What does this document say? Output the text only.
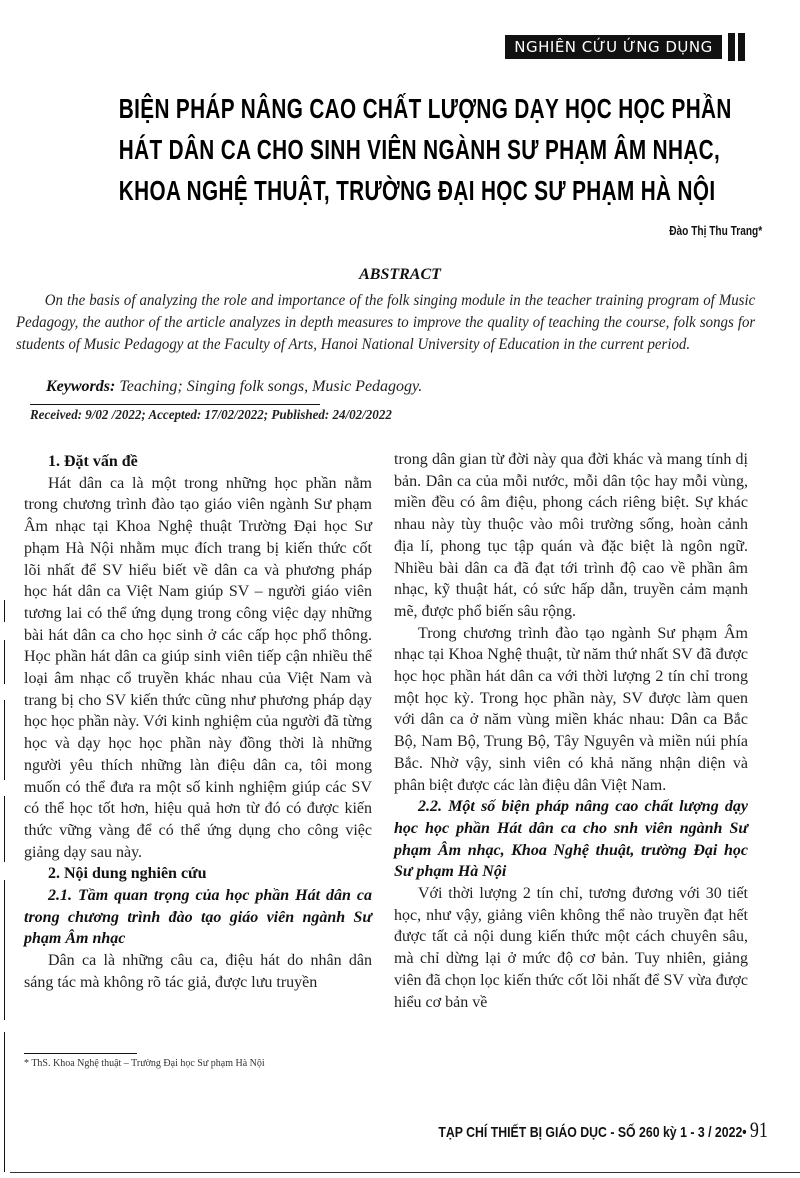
NGHIÊN CỨU ỨNG DỤNG
BIỆN PHÁP NÂNG CAO CHẤT LƯỢNG DẠY HỌC HỌC PHẦN
HÁT DÂN CA CHO SINH VIÊN NGÀNH SƯ PHẠM ÂM NHẠC,
KHOA NGHỆ THUẬT, TRƯỜNG ĐẠI HỌC SƯ PHẠM HÀ NỘI
Đào Thị Thu Trang*
ABSTRACT
On the basis of analyzing the role and importance of the folk singing module in the teacher training program of Music Pedagogy, the author of the article analyzes in depth measures to improve the quality of teaching the course, folk songs for students of Music Pedagogy at the Faculty of Arts, Hanoi National University of Education in the current period.
Keywords: Teaching; Singing folk songs, Music Pedagogy.
Received: 9/02 /2022; Accepted: 17/02/2022; Published: 24/02/2022
1. Đặt vấn đề

Hát dân ca là một trong những học phần nằm trong chương trình đào tạo giáo viên ngành Sư phạm Âm nhạc tại Khoa Nghệ thuật Trường Đại học Sư phạm Hà Nội nhằm mục đích trang bị kiến thức cốt lõi nhất để SV hiểu biết về dân ca và phương pháp học hát dân ca Việt Nam giúp SV – người giáo viên tương lai có thể ứng dụng trong công việc dạy những bài hát dân ca cho học sinh ở các cấp học phổ thông. Học phần hát dân ca giúp sinh viên tiếp cận nhiều thể loại âm nhạc cổ truyền khác nhau của Việt Nam và trang bị cho SV kiến thức cũng như phương pháp dạy học học phần này. Với kinh nghiệm của người đã từng học và dạy học học phần này đồng thời là những người yêu thích những làn điệu dân ca, tôi mong muốn có thể đưa ra một số kinh nghiệm giúp các SV có thể học tốt hơn, hiệu quả hơn từ đó có được kiến thức vững vàng để có thể ứng dụng cho công việc giảng dạy sau này.

2. Nội dung nghiên cứu
2.1. Tầm quan trọng của học phần Hát dân ca trong chương trình đào tạo giáo viên ngành Sư phạm Âm nhạc

Dân ca là những câu ca, điệu hát do nhân dân sáng tác mà không rõ tác giả, được lưu truyền

trong dân gian từ đời này qua đời khác và mang tính dị bản. Dân ca của mỗi nước, mỗi dân tộc hay mỗi vùng, miền đều có âm điệu, phong cách riêng biệt. Sự khác nhau này tùy thuộc vào môi trường sống, hoàn cảnh địa lí, phong tục tập quán và đặc biệt là ngôn ngữ. Nhiều bài dân ca đã đạt tới trình độ cao về phần âm nhạc, kỹ thuật hát, có sức hấp dẫn, truyền cảm mạnh mẽ, được phổ biến sâu rộng.

Trong chương trình đào tạo ngành Sư phạm Âm nhạc tại Khoa Nghệ thuật, từ năm thứ nhất SV đã được học học phần hát dân ca với thời lượng 2 tín chỉ trong một học kỳ. Trong học phần này, SV được làm quen với dân ca ở năm vùng miền khác nhau: Dân ca Bắc Bộ, Nam Bộ, Trung Bộ, Tây Nguyên và miền núi phía Bắc. Nhờ vậy, sinh viên có khả năng nhận diện và phân biệt được các làn điệu dân Việt Nam.

2.2. Một số biện pháp nâng cao chất lượng dạy học học phần Hát dân ca cho snh viên ngành Sư phạm Âm nhạc, Khoa Nghệ thuật, trường Đại học Sư phạm Hà Nội

Với thời lượng 2 tín chỉ, tương đương với 30 tiết học, như vậy, giảng viên không thể nào truyền đạt hết được tất cả nội dung kiến thức một cách chuyên sâu, mà chỉ dừng lại ở mức độ cơ bản. Tuy nhiên, giảng viên đã chọn lọc kiến thức cốt lõi nhất để SV vừa được hiểu cơ bản về

* ThS. Khoa Nghệ thuật – Trường Đại học Sư phạm Hà Nội
TẠP CHÍ THIẾT BỊ GIÁO DỤC - SỐ 260 kỳ 1 - 3 / 2022• 91
